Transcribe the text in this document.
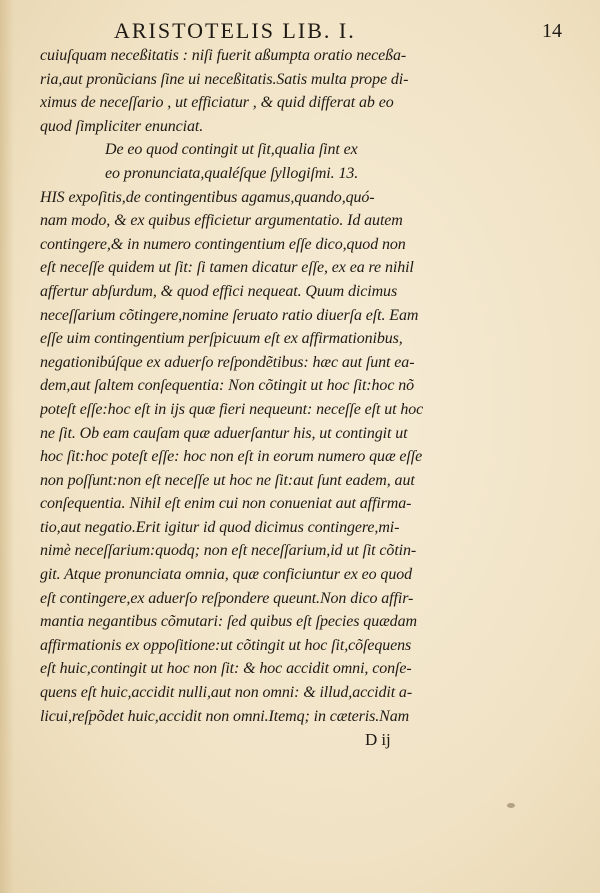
ARISTOTELIS LIB. I.	14
cuiuſquam neceßitatis : niſi fuerit aßumpta oratio neceßa-
ria,aut pronũcians ſine ui neceßitatis.Satis multa prope di-
ximus de neceſſario , ut efficiatur , & quid differat ab eo
quod ſimpliciter enunciat.
De eo quod contingit ut ſit,qualia ſint ex
eo pronunciata,qualéſque ſyllogiſmi. 13.
HIS expoſitis,de contingentibus agamus,quando,quó-
nam modo, & ex quibus efficietur argumentatio. Id autem
contingere,& in numero contingentium eſſe dico,quod non
eſt neceſſe quidem ut ſit: ſi tamen dicatur eſſe, ex ea re nihil
affertur abſurdum, & quod effici nequeat. Quum dicimus
neceſſarium cõtingere,nomine ſeruato ratio diuerſa eſt. Eam
eſſe uim contingentium perſpicuum eſt ex affirmationibus,
negationibúſque ex aduerſo reſpondẽtibus: hæc aut ſunt ea-
dem,aut ſaltem conſequentia: Non cõtingit ut hoc ſit:hoc nõ
poteſt eſſe:hoc eſt in ijs quæ fieri nequeunt: neceſſe eſt ut hoc
ne ſit. Ob eam cauſam quæ aduerſantur his, ut contingit ut
hoc ſit:hoc poteſt eſſe: hoc non eſt in eorum numero quæ eſſe
non poſſunt:non eſt neceſſe ut hoc ne ſit:aut ſunt eadem, aut
conſequentia. Nihil eſt enim cui non conueniat aut affirma-
tio,aut negatio.Erit igitur id quod dicimus contingere,mi-
nimè neceſſarium:quodq; non eſt neceſſarium,id ut ſit cõtin-
git. Atque pronunciata omnia, quæ conficiuntur ex eo quod
eſt contingere,ex aduerſo reſpondere queunt.Non dico affir-
mantia negantibus cõmutari: ſed quibus eſt ſpecies quædam
affirmationis ex oppoſitione:ut cõtingit ut hoc ſit,cõſequens
eſt huic,contingit ut hoc non ſit: & hoc accidit omni, conſe-
quens eſt huic,accidit nulli,aut non omni: & illud,accidit a-
licui,reſpõdet huic,accidit non omni.Itemq; in cæteris.Nam
D ij
